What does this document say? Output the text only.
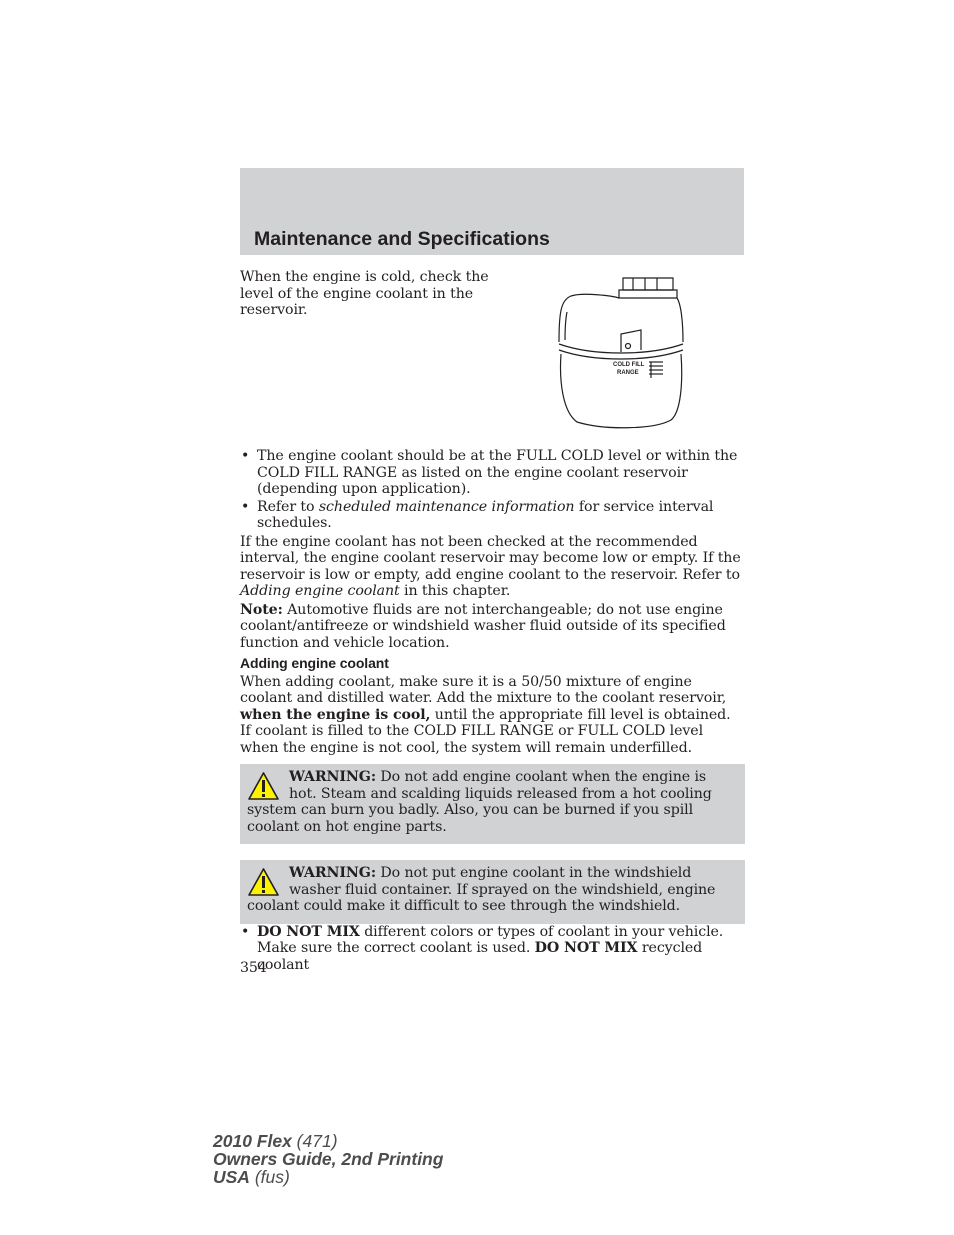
Maintenance and Specifications
When the engine is cold, check the level of the engine coolant in the reservoir.
COLD FILL
RANGE
• The engine coolant should be at the FULL COLD level or within the COLD FILL RANGE as listed on the engine coolant reservoir (depending upon application).
• Refer to scheduled maintenance information for service interval schedules.

If the engine coolant has not been checked at the recommended interval, the engine coolant reservoir may become low or empty. If the reservoir is low or empty, add engine coolant to the reservoir. Refer to Adding engine coolant in this chapter.

Note: Automotive fluids are not interchangeable; do not use engine coolant/antifreeze or windshield washer fluid outside of its specified function and vehicle location.

Adding engine coolant

When adding coolant, make sure it is a 50/50 mixture of engine coolant and distilled water. Add the mixture to the coolant reservoir, when the engine is cool, until the appropriate fill level is obtained. If coolant is filled to the COLD FILL RANGE or FULL COLD level when the engine is not cool, the system will remain underfilled.

WARNING: Do not add engine coolant when the engine is hot. Steam and scalding liquids released from a hot cooling system can burn you badly. Also, you can be burned if you spill coolant on hot engine parts.
WARNING: Do not put engine coolant in the windshield washer fluid container. If sprayed on the windshield, engine coolant could make it difficult to see through the windshield.
• DO NOT MIX different colors or types of coolant in your vehicle. Make sure the correct coolant is used. DO NOT MIX recycled coolant
354
2010 Flex (471)
Owners Guide, 2nd Printing
USA (fus)
